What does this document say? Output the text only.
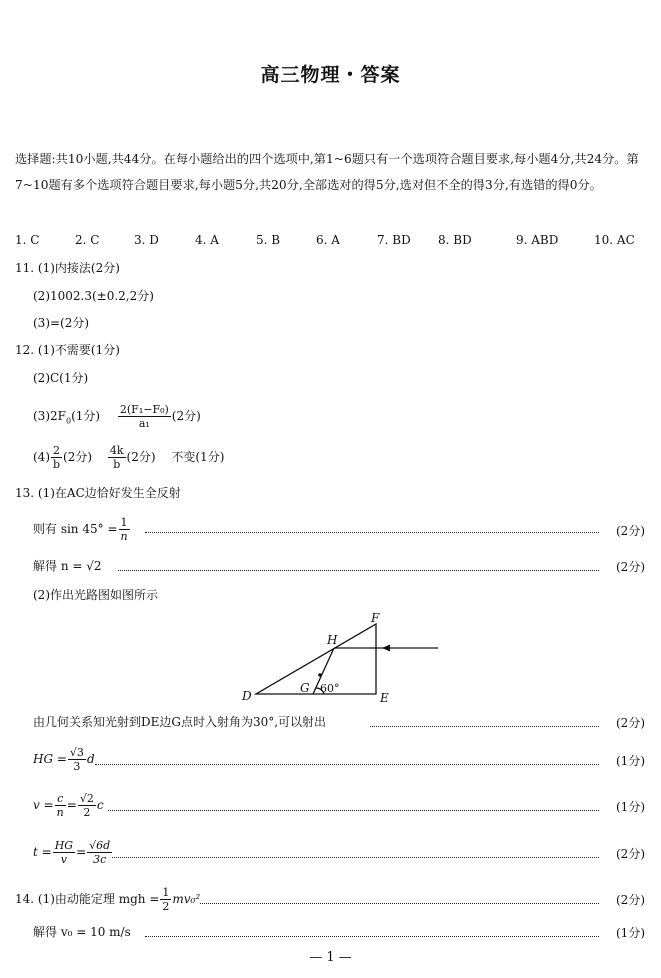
高三物理・答案
选择题:共10小题,共44分。在每小题给出的四个选项中,第1~6题只有一个选项符合题目要求,每小题4分,共24分。第7~10题有多个选项符合题目要求,每小题5分,共20分,全部选对的得5分,选对但不全的得3分,有选错的得0分。
1. C	2. C	3. D	4. A	5. B	6. A	7. BD 8. BD	9. ABD	10. AC
11. (1)内接法(2分)
(2)1002.3(±0.2,2分)
(3)=(2分)
12. (1)不需要(1分)
(2)C(1分)
$(3)2F_0(1$分) $\frac{\text{2(F₁−F₀)}}{\text{a₁}} (2$分)
$(4) \frac{2}{b} (2$分) $\frac{4k}{b} (2$分) 不变(1分)
13. (1)在AC边恰好发生全反射
则有 $\sin 45^\circ = \frac{1}{n}$	(2分)
解得 n = √2	(2分)
(2)作出光路图如图所示
F
H
D
G
E
60°
由几何关系知光射到DE边G点时入射角为30°,可以射出	(2分)
HG = $\frac{√3}{3}$ d	(1分)
$v = \frac{c}{n} = \frac{√2}{2}$ c	(1分)
$t = \frac{HG}{v} = \frac{√6d}{3c}$	(2分)
14. (1)由动能定理 mgh = $\frac{1}{2} mv_0^2$	(2分)
解得 v₀ = 10 m/s	(1分)
— 1 —
